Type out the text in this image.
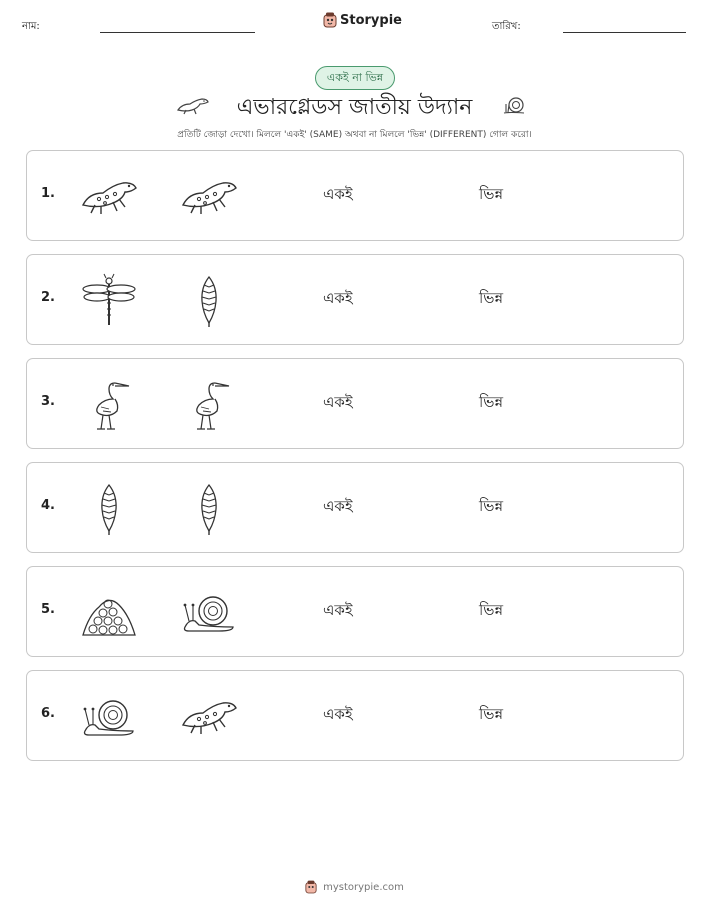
নাম:	Storypie	তারিখ:
একই না ভিন্ন
এভারগ্লেডস জাতীয় উদ্যান
প্রতিটি জোড়া দেখো। মিললে 'একই' (SAME) অথবা না মিললে 'ভিন্ন' (DIFFERENT) গোল করো।
1.	একই	ভিন্ন
2.	একই	ভিন্ন
3.	একই	ভিন্ন
4.	একই	ভিন্ন
5.	একই	ভিন্ন
6.	একই	ভিন্ন
mystorypie.com
